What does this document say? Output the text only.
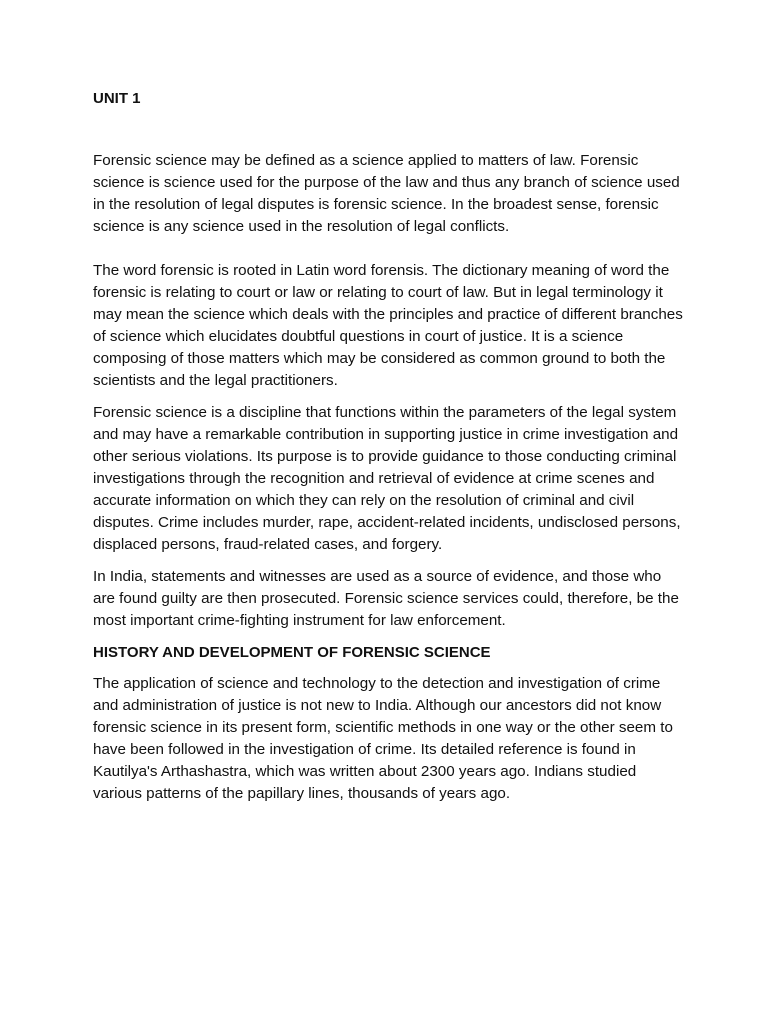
UNIT 1

Forensic science may be defined as a science applied to matters of law. Forensic science is science used for the purpose of the law and thus any branch of science used in the resolution of legal disputes is forensic science. In the broadest sense, forensic science is any science used in the resolution of legal conflicts.

The word forensic is rooted in Latin word forensis. The dictionary meaning of word the forensic is relating to court or law or relating to court of law. But in legal terminology it may mean the science which deals with the principles and practice of different branches of science which elucidates doubtful questions in court of justice. It is a science composing of those matters which may be considered as common ground to both the scientists and the legal practitioners.

Forensic science is a discipline that functions within the parameters of the legal system and may have a remarkable contribution in supporting justice in crime investigation and other serious violations. Its purpose is to provide guidance to those conducting criminal investigations through the recognition and retrieval of evidence at crime scenes and accurate information on which they can rely on the resolution of criminal and civil disputes. Crime includes murder, rape, accident-related incidents, undisclosed persons, displaced persons, fraud-related cases, and forgery.

In India, statements and witnesses are used as a source of evidence, and those who are found guilty are then prosecuted. Forensic science services could, therefore, be the most important crime-fighting instrument for law enforcement.

HISTORY AND DEVELOPMENT OF FORENSIC SCIENCE

The application of science and technology to the detection and investigation of crime and administration of justice is not new to India. Although our ancestors did not know forensic science in its present form, scientific methods in one way or the other seem to have been followed in the investigation of crime. Its detailed reference is found in Kautilya's Arthashastra, which was written about 2300 years ago. Indians studied various patterns of the papillary lines, thousands of years ago.
